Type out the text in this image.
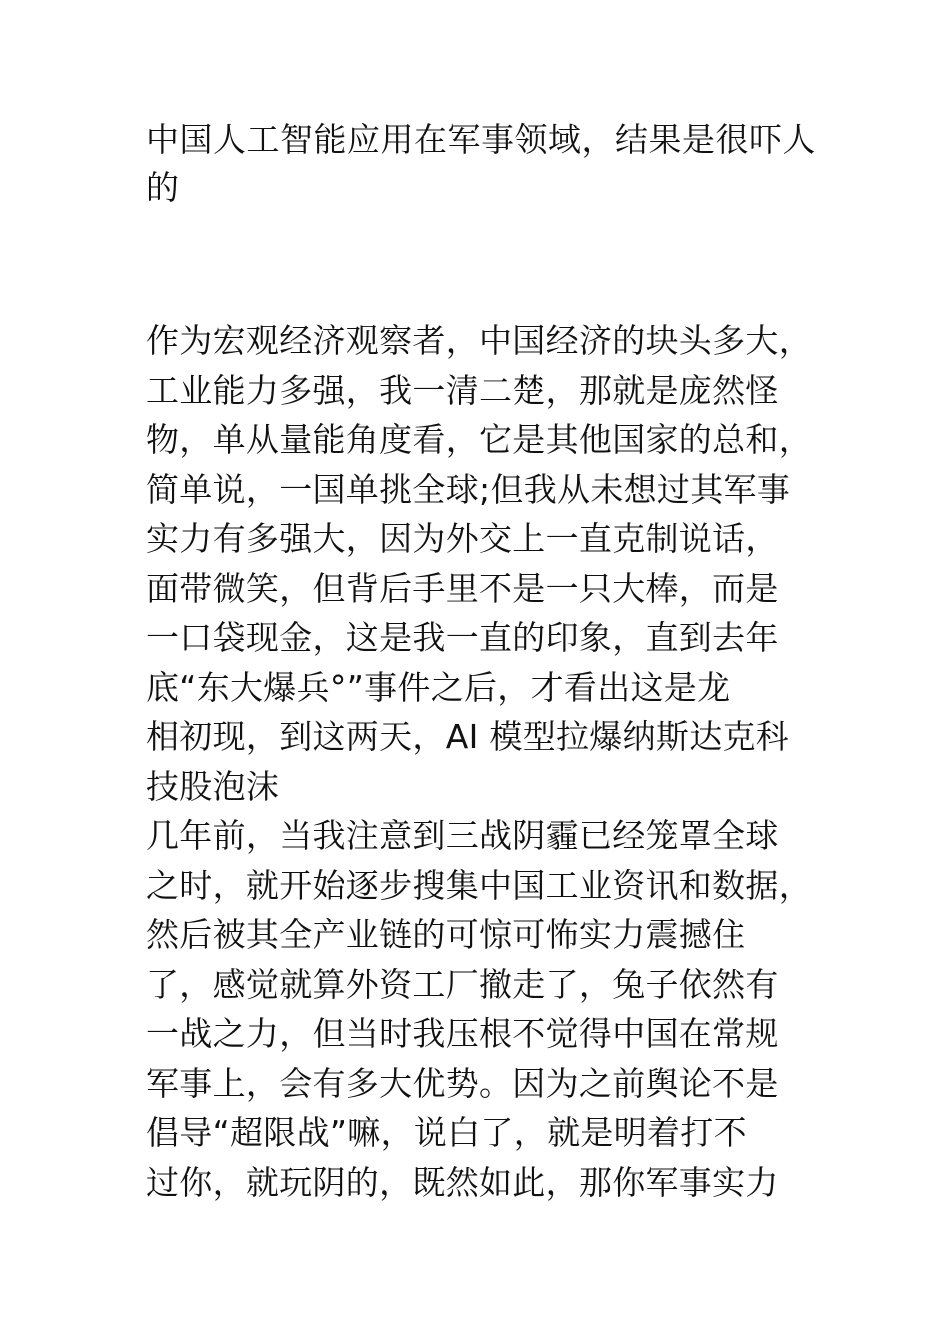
中国人工智能应用在军事领域，结果是很吓人的
作为宏观经济观察者，中国经济的块头多大，
工业能力多强，我一清二楚，那就是庞然怪
物，单从量能角度看，它是其他国家的总和，
简单说，一国单挑全球;但我从未想过其军事
实力有多强大，因为外交上一直克制说话，
面带微笑，但背后手里不是一只大棒，而是
一口袋现金，这是我一直的印象，直到去年
底“东大爆兵°”事件之后，才看出这是龙
相初现，到这两天，AI 模型拉爆纳斯达克科
技股泡沫
几年前，当我注意到三战阴霾已经笼罩全球
之时，就开始逐步搜集中国工业资讯和数据，
然后被其全产业链的可惊可怖实力震撼住
了，感觉就算外资工厂撤走了，兔子依然有
一战之力，但当时我压根不觉得中国在常规
军事上，会有多大优势。因为之前舆论不是
倡导“超限战”嘛，说白了，就是明着打不
过你，就玩阴的，既然如此，那你军事实力
